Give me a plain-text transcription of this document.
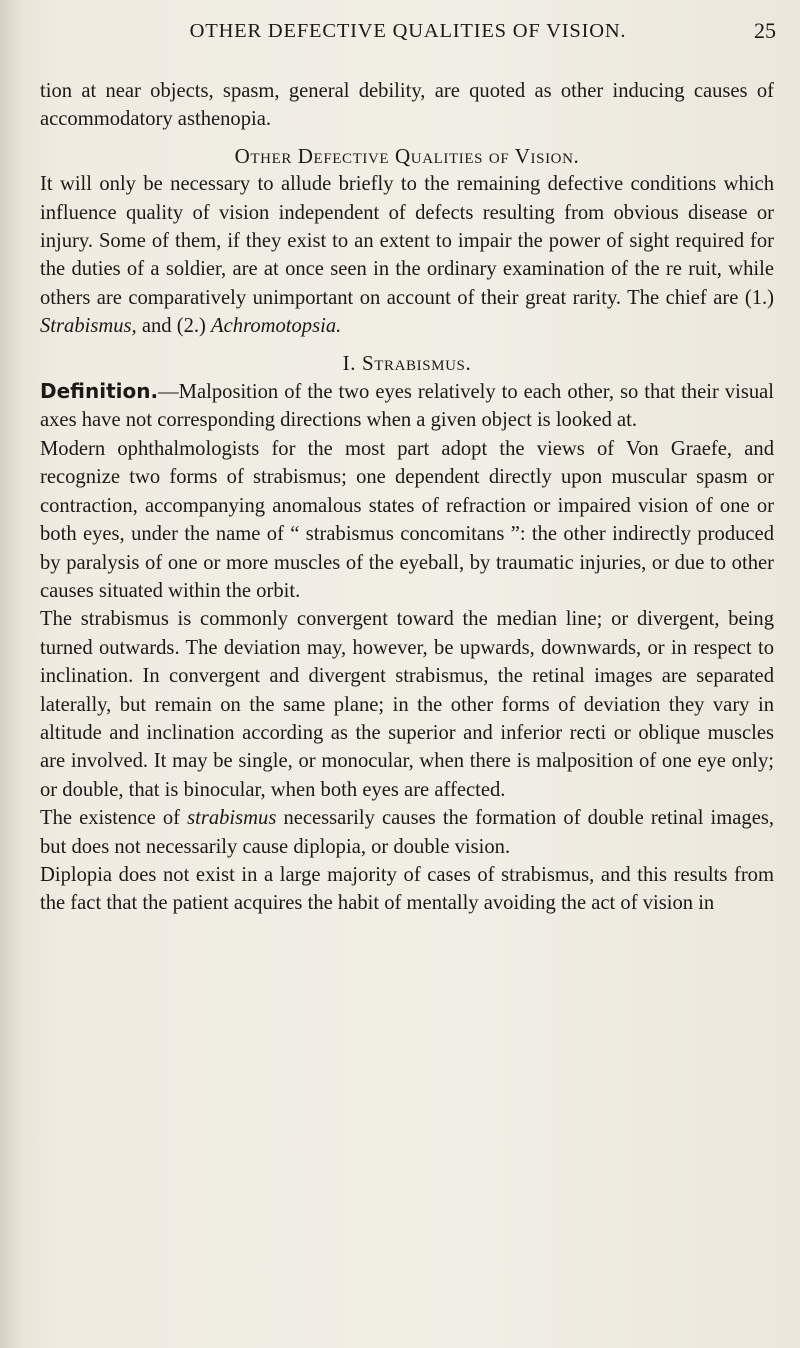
OTHER DEFECTIVE QUALITIES OF VISION.	25

tion at near objects, spasm, general debility, are quoted as other inducing causes of accommodatory asthenopia.

Other Defective Qualities of Vision.

It will only be necessary to allude briefly to the remaining defective conditions which influence quality of vision independent of defects resulting from obvious disease or injury. Some of them, if they exist to an extent to impair the power of sight required for the duties of a soldier, are at once seen in the ordinary examination of the re ruit, while others are comparatively unimportant on account of their great rarity. The chief are (1.) Strabismus, and (2.) Achromotopsia.

I. Strabismus.

Definition.—Malposition of the two eyes relatively to each other, so that their visual axes have not corresponding directions when a given object is looked at.

Modern ophthalmologists for the most part adopt the views of Von Graefe, and recognize two forms of strabismus; one dependent directly upon muscular spasm or contraction, accompanying anomalous states of refraction or impaired vision of one or both eyes, under the name of “ strabismus concomitans ”: the other indirectly produced by paralysis of one or more muscles of the eyeball, by traumatic injuries, or due to other causes situated within the orbit.

The strabismus is commonly convergent toward the median line; or divergent, being turned outwards. The deviation may, however, be upwards, downwards, or in respect to inclination. In convergent and divergent strabismus, the retinal images are separated laterally, but remain on the same plane; in the other forms of deviation they vary in altitude and inclination according as the superior and inferior recti or oblique muscles are involved. It may be single, or monocular, when there is malposition of one eye only; or double, that is binocular, when both eyes are affected.

The existence of strabismus necessarily causes the formation of double retinal images, but does not necessarily cause diplopia, or double vision.

Diplopia does not exist in a large majority of cases of strabismus, and this results from the fact that the patient acquires the habit of mentally avoiding the act of vision in
